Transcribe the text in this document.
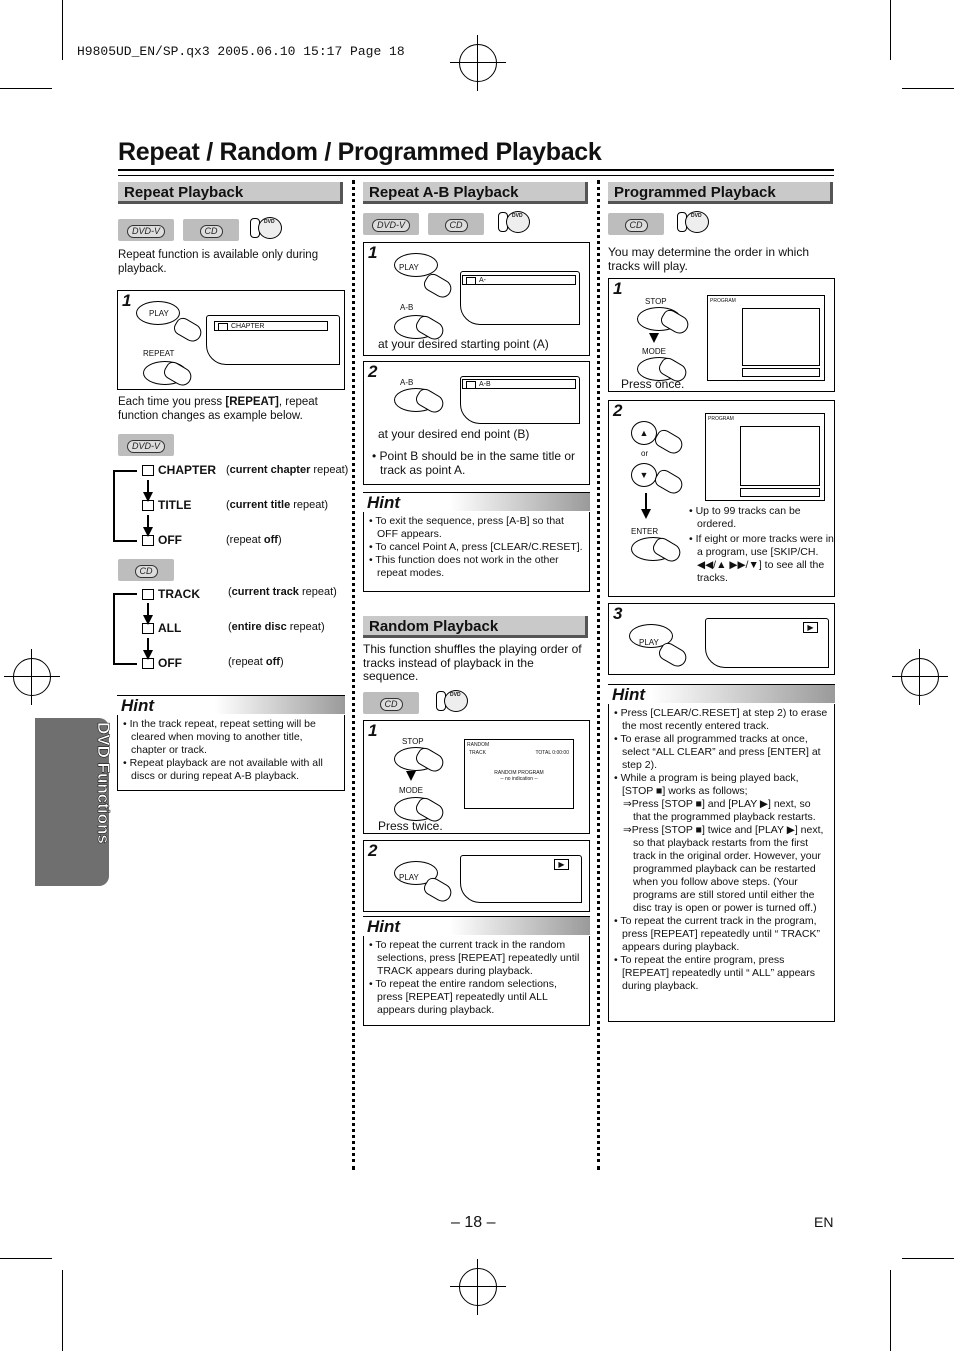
H9805UD_EN/SP.qx3 2005.06.10 15:17 Page 18
Repeat / Random / Programmed Playback
DVD Functions
Repeat Playback
DVD-V	CD
DVD
Repeat function is available only during playback.
1
PLAY
REPEAT
CHAPTER
Each time you press [REPEAT], repeat function changes as example below.
DVD-V
CHAPTER (current chapter repeat)
TITLE	(current title repeat)
OFF	(repeat off)
CD
TRACK	(current track repeat)
ALL	(entire disc repeat)
OFF	(repeat off)
Hint

• In the track repeat, repeat setting will be cleared when moving to another title, chapter or track.

• Repeat playback are not available with all discs or during repeat A-B playback.

Repeat A-B Playback
DVD-V	CD
DVD
1
PLAY
A-B
A-
at your desired starting point (A)
2
A-B	A-B
at your desired end point (B)
• Point B should be in the same title or track as point A.
Hint

• To exit the sequence, press [A-B] so that OFF appears.

• To cancel Point A, press [CLEAR/C.RESET].

• This function does not work in the other repeat modes.

Random Playback
This function shuffles the playing order of tracks instead of playback in the sequence.
CD
DVD
1
STOP
MODE
RANDOM
TRACK	TOTAL 0:00:00
RANDOM PROGRAM
-- no indication --
Press twice.
2
PLAY
▶
Hint

• To repeat the current track in the random selections, press [REPEAT] repeatedly until TRACK appears during playback.

• To repeat the entire random selections, press [REPEAT] repeatedly until ALL appears during playback.

Programmed Playback
CD
DVD
You may determine the order in which tracks will play.
1
STOP
MODE
PROGRAM
Press once.
2
▲
or
▼
ENTER
PROGRAM
• Up to 99 tracks can be ordered.
• If eight or more tracks were in a program, use [SKIP/CH. ◀◀/▲ ▶▶/▼] to see all the tracks.
3
PLAY
▶
Hint

• Press [CLEAR/C.RESET] at step 2) to erase the most recently entered track.

• To erase all programmed tracks at once, select “ALL CLEAR” and press [ENTER] at step 2).

• While a program is being played back, [STOP ■] works as follows;

⇒Press [STOP ■] and [PLAY ▶] next, so that the programmed playback restarts.

⇒Press [STOP ■] twice and [PLAY ▶] next, so that playback restarts from the first track in the original order. However, your programmed playback can be restarted when you follow above steps. (Your programs are still stored until either the disc tray is open or power is turned off.)

• To repeat the current track in the program, press [REPEAT] repeatedly until “ TRACK” appears during playback.

• To repeat the entire program, press [REPEAT] repeatedly until “ ALL” appears during playback.

– 18 –	EN
